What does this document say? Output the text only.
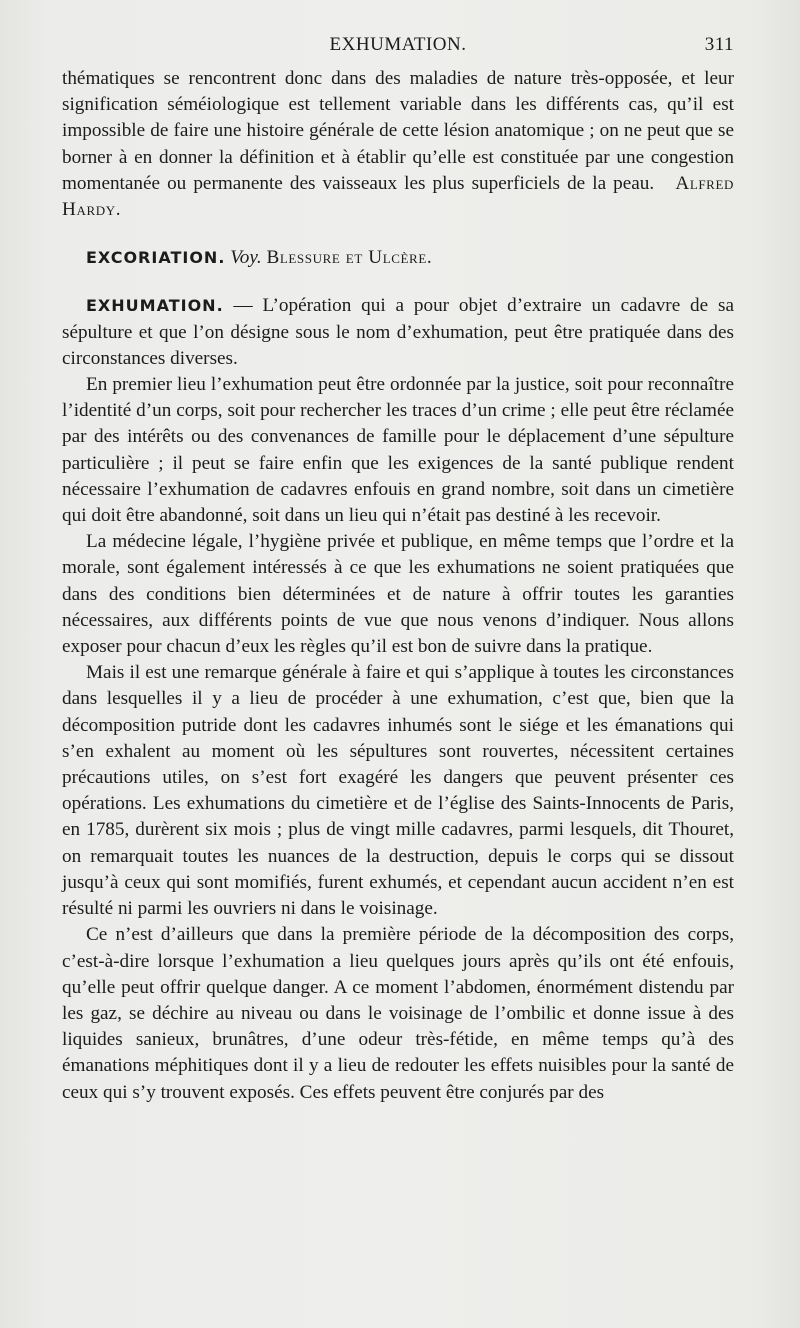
EXHUMATION.	311

thématiques se rencontrent donc dans des maladies de nature très-opposée, et leur signification séméiologique est tellement variable dans les différents cas, qu’il est impossible de faire une histoire générale de cette lésion anatomique ; on ne peut que se borner à en donner la définition et à établir qu’elle est constituée par une congestion momentanée ou permanente des vaisseaux les plus superficiels de la peau. Alfred Hardy.

EXCORIATION. Voy. Blessure et Ulcère.

EXHUMATION. — L’opération qui a pour objet d’extraire un cadavre de sa sépulture et que l’on désigne sous le nom d’exhumation, peut être pratiquée dans des circonstances diverses.

En premier lieu l’exhumation peut être ordonnée par la justice, soit pour reconnaître l’identité d’un corps, soit pour rechercher les traces d’un crime ; elle peut être réclamée par des intérêts ou des convenances de famille pour le déplacement d’une sépulture particulière ; il peut se faire enfin que les exigences de la santé publique rendent nécessaire l’exhumation de cadavres enfouis en grand nombre, soit dans un cimetière qui doit être abandonné, soit dans un lieu qui n’était pas destiné à les recevoir.

La médecine légale, l’hygiène privée et publique, en même temps que l’ordre et la morale, sont également intéressés à ce que les exhumations ne soient pratiquées que dans des conditions bien déterminées et de nature à offrir toutes les garanties nécessaires, aux différents points de vue que nous venons d’indiquer. Nous allons exposer pour chacun d’eux les règles qu’il est bon de suivre dans la pratique.

Mais il est une remarque générale à faire et qui s’applique à toutes les circonstances dans lesquelles il y a lieu de procéder à une exhumation, c’est que, bien que la décomposition putride dont les cadavres inhumés sont le siége et les émanations qui s’en exhalent au moment où les sépultures sont rouvertes, nécessitent certaines précautions utiles, on s’est fort exagéré les dangers que peuvent présenter ces opérations. Les exhumations du cimetière et de l’église des Saints-Innocents de Paris, en 1785, durèrent six mois ; plus de vingt mille cadavres, parmi lesquels, dit Thouret, on remarquait toutes les nuances de la destruction, depuis le corps qui se dissout jusqu’à ceux qui sont momifiés, furent exhumés, et cependant aucun accident n’en est résulté ni parmi les ouvriers ni dans le voisinage.

Ce n’est d’ailleurs que dans la première période de la décomposition des corps, c’est-à-dire lorsque l’exhumation a lieu quelques jours après qu’ils ont été enfouis, qu’elle peut offrir quelque danger. A ce moment l’abdomen, énormément distendu par les gaz, se déchire au niveau ou dans le voisinage de l’ombilic et donne issue à des liquides sanieux, brunâtres, d’une odeur très-fétide, en même temps qu’à des émanations méphitiques dont il y a lieu de redouter les effets nuisibles pour la santé de ceux qui s’y trouvent exposés. Ces effets peuvent être conjurés par des
